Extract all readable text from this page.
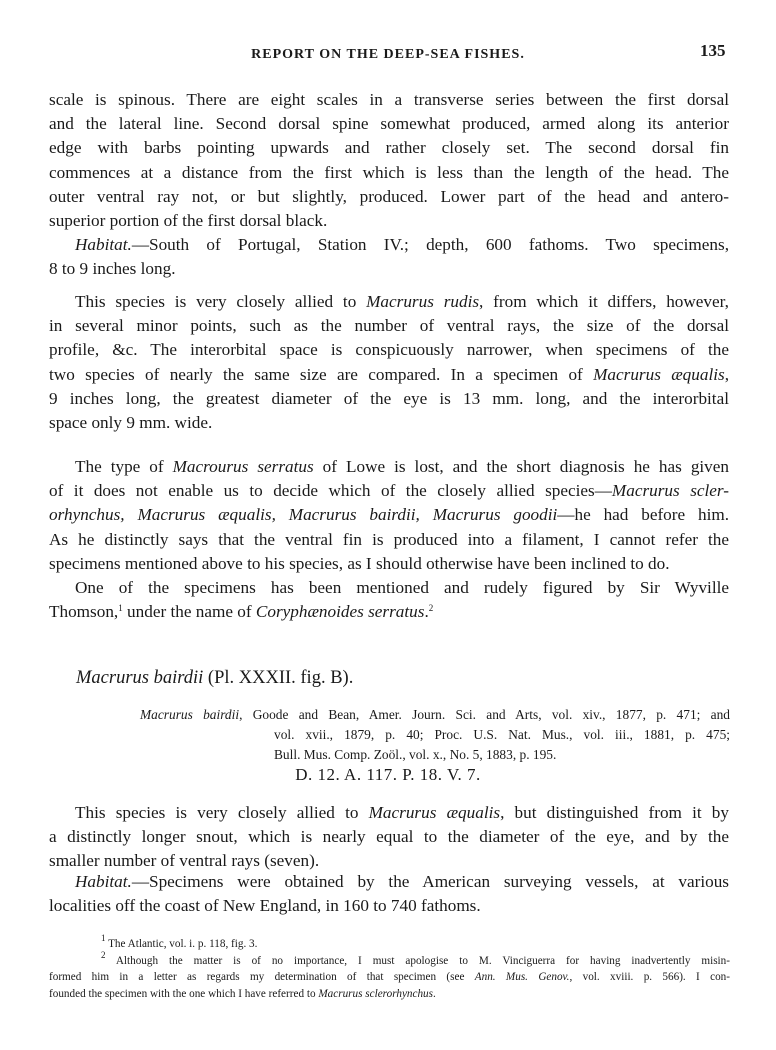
REPORT ON THE DEEP-SEA FISHES.	135
scale is spinous. There are eight scales in a transverse series between the first dorsal
and the lateral line. Second dorsal spine somewhat produced, armed along its anterior
edge with barbs pointing upwards and rather closely set. The second dorsal fin
commences at a distance from the first which is less than the length of the head. The
outer ventral ray not, or but slightly, produced. Lower part of the head and antero-
superior portion of the first dorsal black.
Habitat.—South of Portugal, Station IV.; depth, 600 fathoms. Two specimens,
8 to 9 inches long.
This species is very closely allied to Macrurus rudis, from which it differs, however,
in several minor points, such as the number of ventral rays, the size of the dorsal
profile, &c. The interorbital space is conspicuously narrower, when specimens of the
two species of nearly the same size are compared. In a specimen of Macrurus æqualis,
9 inches long, the greatest diameter of the eye is 13 mm. long, and the interorbital
space only 9 mm. wide.
The type of Macrourus serratus of Lowe is lost, and the short diagnosis he has given
of it does not enable us to decide which of the closely allied species—Macrurus scler-
orhynchus, Macrurus æqualis, Macrurus bairdii, Macrurus goodii—he had before him.
As he distinctly says that the ventral fin is produced into a filament, I cannot refer the
specimens mentioned above to his species, as I should otherwise have been inclined to do.
One of the specimens has been mentioned and rudely figured by Sir Wyville
Thomson,$^1$ under the name of Coryphænoides serratus.$^2$
Macrurus bairdii (Pl. XXXII. fig. B).
Macrurus bairdii, Goode and Bean, Amer. Journ. Sci. and Arts, vol. xiv., 1877, p. 471; and
vol. xvii., 1879, p. 40; Proc. U.S. Nat. Mus., vol. iii., 1881, p. 475;
Bull. Mus. Comp. Zoöl., vol. x., No. 5, 1883, p. 195.
D. 12. A. 117. P. 18. V. 7.
This species is very closely allied to Macrurus æqualis, but distinguished from it by
a distinctly longer snout, which is nearly equal to the diameter of the eye, and by the
smaller number of ventral rays (seven).
Habitat.—Specimens were obtained by the American surveying vessels, at various
localities off the coast of New England, in 160 to 740 fathoms.
$^1$ The Atlantic, vol. i. p. 118, fig. 3.
$^2$ Although the matter is of no importance, I must apologise to M. Vinciguerra for having inadvertently misin-
formed him in a letter as regards my determination of that specimen (see Ann. Mus. Genov., vol. xviii. p. 566). I con-
founded the specimen with the one which I have referred to Macrurus sclerorhynchus.
